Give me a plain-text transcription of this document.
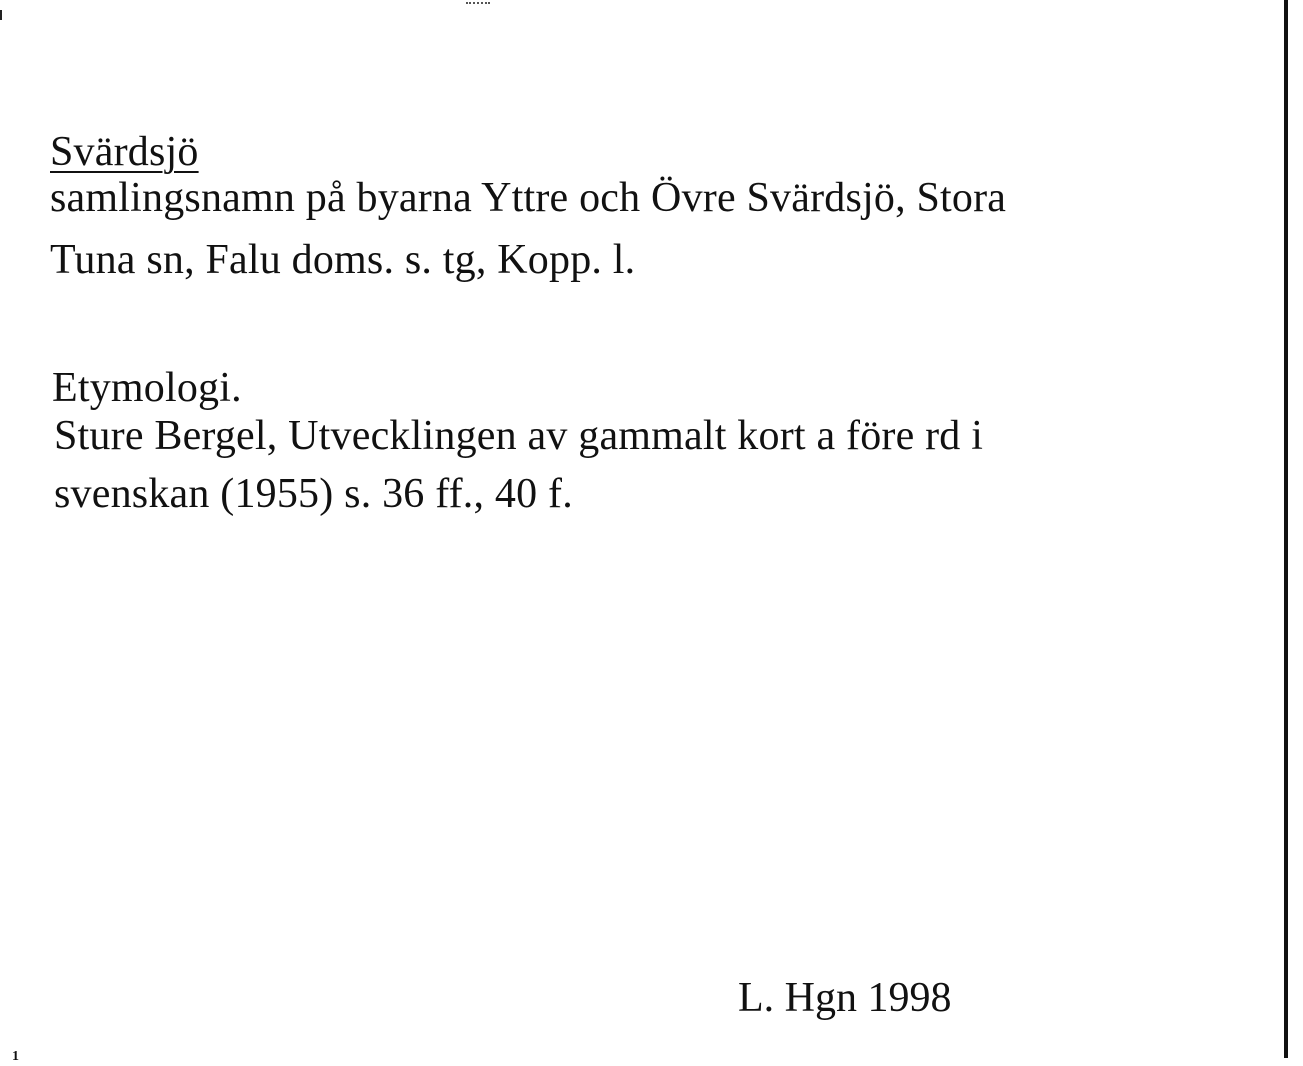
Svärdsjö
samlingsnamn på byarna Yttre och Övre Svärdsjö, Stora
Tuna sn, Falu doms. s. tg, Kopp. l.
Etymologi.
Sture Bergel, Utvecklingen av gammalt kort a före rd i
svenskan (1955) s. 36 ff., 40 f.
L. Hgn 1998
1
